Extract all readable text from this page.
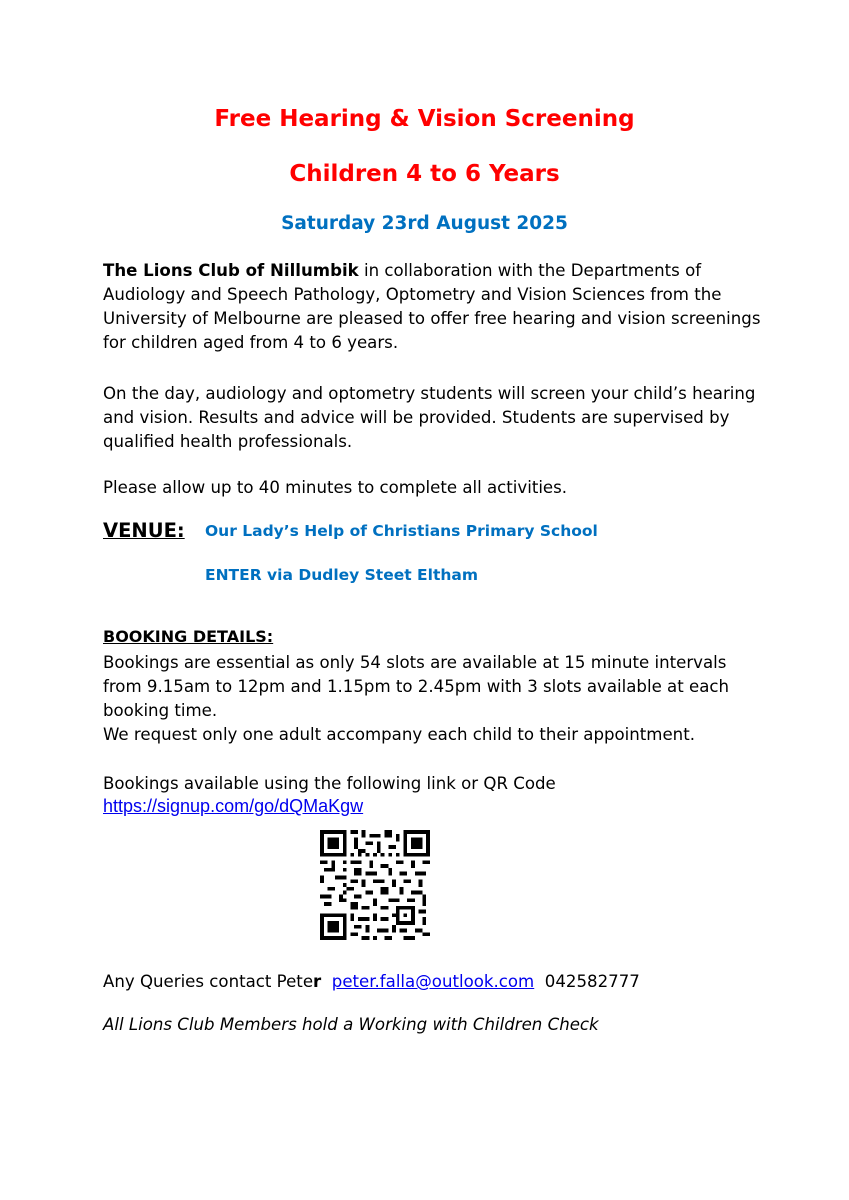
Free Hearing & Vision Screening
Children 4 to 6 Years
Saturday 23rd August 2025
The Lions Club of Nillumbik in collaboration with the Departments of Audiology and Speech Pathology, Optometry and Vision Sciences from the University of Melbourne are pleased to offer free hearing and vision screenings for children aged from 4 to 6 years.
On the day, audiology and optometry students will screen your child’s hearing and vision. Results and advice will be provided. Students are supervised by qualified health professionals.
Please allow up to 40 minutes to complete all activities.
VENUE: Our Lady’s Help of Christians Primary School
ENTER via Dudley Steet Eltham
BOOKING DETAILS:
Bookings are essential as only 54 slots are available at 15 minute intervals from 9.15am to 12pm and 1.15pm to 2.45pm with 3 slots available at each booking time.
We request only one adult accompany each child to their appointment.
Bookings available using the following link or QR Code
https://signup.com/go/dQMaKgw
Any Queries contact Peter peter.falla@outlook.com 042582777
All Lions Club Members hold a Working with Children Check
